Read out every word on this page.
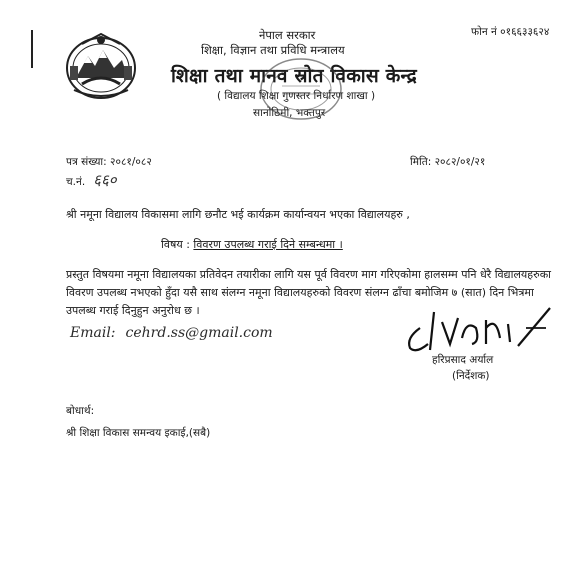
नेपाल सरकार
शिक्षा, विज्ञान तथा प्रविधि मन्त्रालय
शिक्षा तथा मानव स्रोत विकास केन्द्र
( विद्यालय शिक्षा गुणस्तर निर्धारण शाखा )
सानोठिमी, भक्तपुर
फोन नं ०१६६३३६२४
पत्र संख्या: २०८१/०८२
च.नं. ६६०
मिति: २०८२/०१/२१
श्री नमूना विद्यालय विकासमा लागि छनौट भई कार्यक्रम कार्यान्वयन भएका विद्यालयहरु ,
विषय : विवरण उपलब्ध गराई दिने सम्बन्धमा ।
प्रस्तुत विषयमा नमूना विद्यालयका प्रतिवेदन तयारीका लागि यस पूर्व विवरण माग गरिएकोमा हालसम्म पनि धेरै विद्यालयहरुका विवरण उपलब्ध नभएको हुँदा यसै साथ संलग्न नमूना विद्यालयहरुको विवरण संलग्न ढाँचा बमोजिम ७ (सात) दिन भित्रमा उपलब्ध गराई दिनुहुन अनुरोध छ ।
Email: cehrd.ss@gmail.com
हरिप्रसाद अर्याल
(निर्देशक)
बोधार्थ:
श्री शिक्षा विकास समन्वय इकाई,(सबै)
